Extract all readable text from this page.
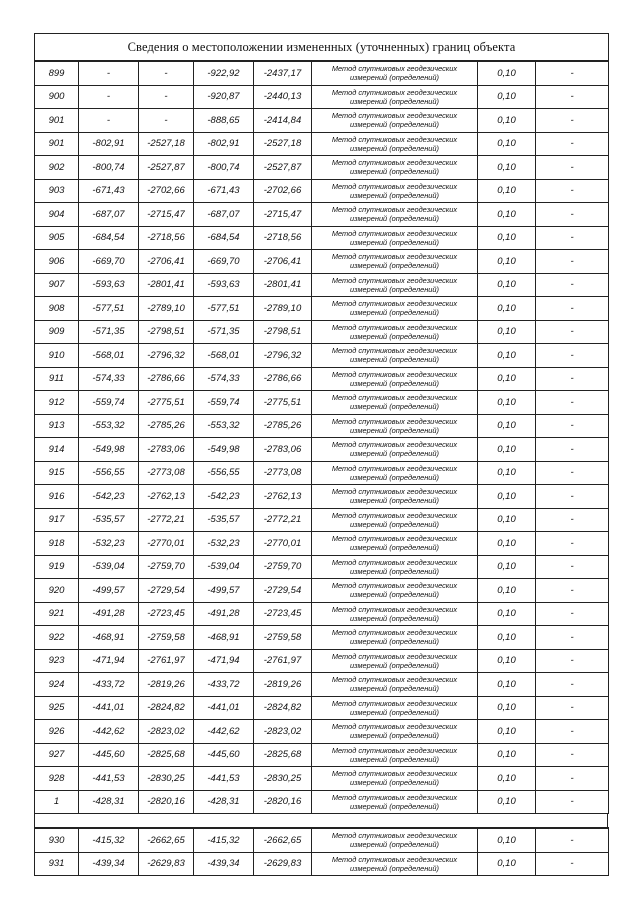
Сведения о местоположении измененных (уточненных) границ объекта							
899	-	-	-922,92	-2437,17	Метод спутниковых геодезических
измерений (определений)	0,10	-
900	-	-	-920,87	-2440,13	Метод спутниковых геодезических
измерений (определений)	0,10	-
901	-	-	-888,65	-2414,84	Метод спутниковых геодезических
измерений (определений)	0,10	-
901	-802,91	-2527,18	-802,91	-2527,18	Метод спутниковых геодезических
измерений (определений)	0,10	-
902	-800,74	-2527,87	-800,74	-2527,87	Метод спутниковых геодезических
измерений (определений)	0,10	-
903	-671,43	-2702,66	-671,43	-2702,66	Метод спутниковых геодезических
измерений (определений)	0,10	-
904	-687,07	-2715,47	-687,07	-2715,47	Метод спутниковых геодезических
измерений (определений)	0,10	-
905	-684,54	-2718,56	-684,54	-2718,56	Метод спутниковых геодезических
измерений (определений)	0,10	-
906	-669,70	-2706,41	-669,70	-2706,41	Метод спутниковых геодезических
измерений (определений)	0,10	-
907	-593,63	-2801,41	-593,63	-2801,41	Метод спутниковых геодезических
измерений (определений)	0,10	-
908	-577,51	-2789,10	-577,51	-2789,10	Метод спутниковых геодезических
измерений (определений)	0,10	-
909	-571,35	-2798,51	-571,35	-2798,51	Метод спутниковых геодезических
измерений (определений)	0,10	-
910	-568,01	-2796,32	-568,01	-2796,32	Метод спутниковых геодезических
измерений (определений)	0,10	-
911	-574,33	-2786,66	-574,33	-2786,66	Метод спутниковых геодезических
измерений (определений)	0,10	-
912	-559,74	-2775,51	-559,74	-2775,51	Метод спутниковых геодезических
измерений (определений)	0,10	-
913	-553,32	-2785,26	-553,32	-2785,26	Метод спутниковых геодезических
измерений (определений)	0,10	-
914	-549,98	-2783,06	-549,98	-2783,06	Метод спутниковых геодезических
измерений (определений)	0,10	-
915	-556,55	-2773,08	-556,55	-2773,08	Метод спутниковых геодезических
измерений (определений)	0,10	-
916	-542,23	-2762,13	-542,23	-2762,13	Метод спутниковых геодезических
измерений (определений)	0,10	-
917	-535,57	-2772,21	-535,57	-2772,21	Метод спутниковых геодезических
измерений (определений)	0,10	-
918	-532,23	-2770,01	-532,23	-2770,01	Метод спутниковых геодезических
измерений (определений)	0,10	-
919	-539,04	-2759,70	-539,04	-2759,70	Метод спутниковых геодезических
измерений (определений)	0,10	-
920	-499,57	-2729,54	-499,57	-2729,54	Метод спутниковых геодезических
измерений (определений)	0,10	-
921	-491,28	-2723,45	-491,28	-2723,45	Метод спутниковых геодезических
измерений (определений)	0,10	-
922	-468,91	-2759,58	-468,91	-2759,58	Метод спутниковых геодезических
измерений (определений)	0,10	-
923	-471,94	-2761,97	-471,94	-2761,97	Метод спутниковых геодезических
измерений (определений)	0,10	-
924	-433,72	-2819,26	-433,72	-2819,26	Метод спутниковых геодезических
измерений (определений)	0,10	-
925	-441,01	-2824,82	-441,01	-2824,82	Метод спутниковых геодезических
измерений (определений)	0,10	-
926	-442,62	-2823,02	-442,62	-2823,02	Метод спутниковых геодезических
измерений (определений)	0,10	-
927	-445,60	-2825,68	-445,60	-2825,68	Метод спутниковых геодезических
измерений (определений)	0,10	-
928	-441,53	-2830,25	-441,53	-2830,25	Метод спутниковых геодезических
измерений (определений)	0,10	-
1	-428,31	-2820,16	-428,31	-2820,16	Метод спутниковых геодезических
измерений (определений)	0,10	-
930	-415,32	-2662,65	-415,32	-2662,65	Метод спутниковых геодезических
измерений (определений)	0,10	-
931	-439,34	-2629,83	-439,34	-2629,83	Метод спутниковых геодезических
измерений (определений)	0,10	-
